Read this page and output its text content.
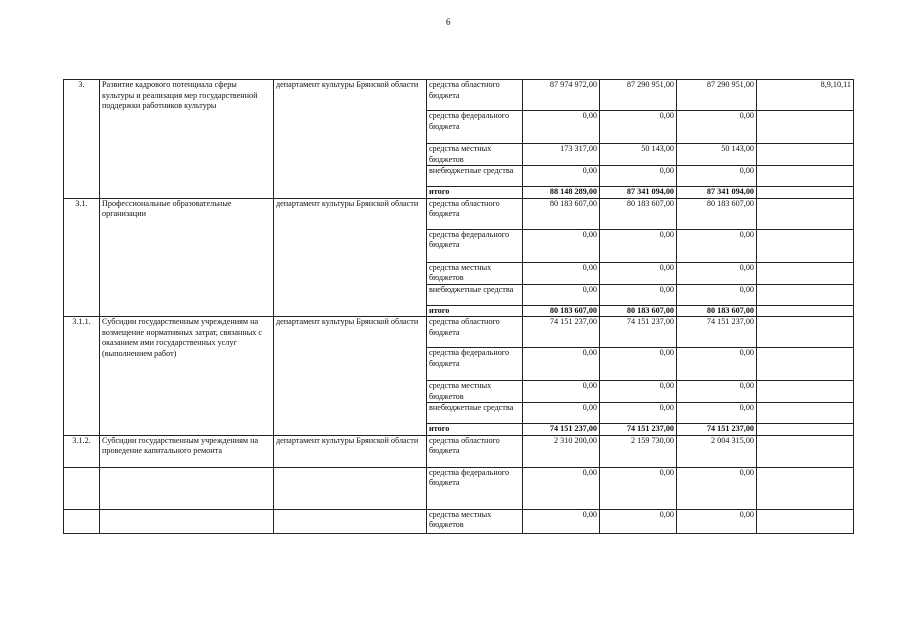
6
3.	Развитие кадрового потенциала сферы культуры и реализация мер государственной поддержки работников культуры	департамент культуры Брянской области	средства областного бюджета	87 974 972,00	87 290 951,00	87 290 951,00	8,9,10,11
			средства федерального бюджета	0,00	0,00	0,00	
			средства местных бюджетов	173 317,00	50 143,00	50 143,00	
			внебюджетные средства	0,00	0,00	0,00	
			итого	88 148 289,00	87 341 094,00	87 341 094,00	
3.1.	Профессиональные образовательные организации	департамент культуры Брянской области	средства областного бюджета	80 183 607,00	80 183 607,00	80 183 607,00	
			средства федерального бюджета	0,00	0,00	0,00	
			средства местных бюджетов	0,00	0,00	0,00	
			внебюджетные средства	0,00	0,00	0,00	
			итого	80 183 607,00	80 183 607,00	80 183 607,00	
3.1.1.	Субсидии государственным учреждениям на возмещение нормативных затрат, связанных с оказанием ими государственных услуг (выполнением работ)	департамент культуры Брянской области	средства областного бюджета	74 151 237,00	74 151 237,00	74 151 237,00	
			средства федерального бюджета	0,00	0,00	0,00	
			средства местных бюджетов	0,00	0,00	0,00	
			внебюджетные средства	0,00	0,00	0,00	
			итого	74 151 237,00	74 151 237,00	74 151 237,00	
3.1.2.	Субсидии государственным учреждениям на проведение капитального ремонта	департамент культуры Брянской области	средства областного бюджета	2 310 200,00	2 159 730,00	2 004 315,00	
			средства федерального бюджета	0,00	0,00	0,00	
			средства местных бюджетов	0,00	0,00	0,00	
